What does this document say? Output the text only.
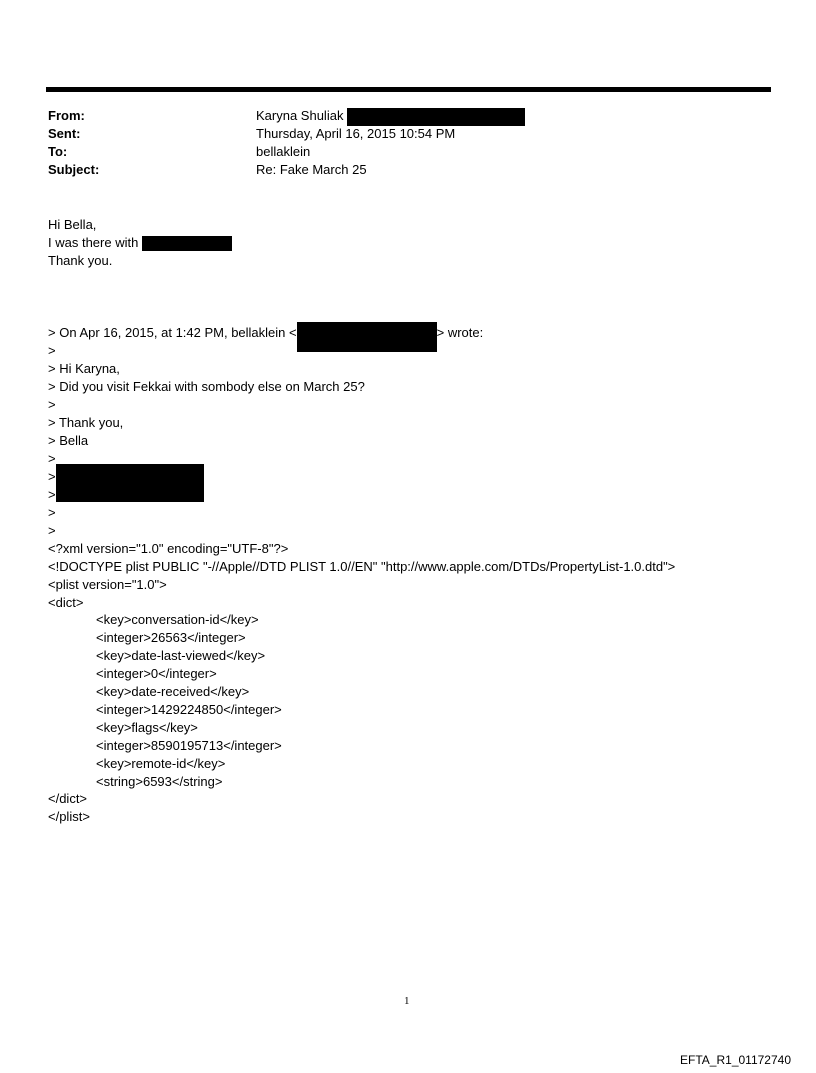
From:	Karyna Shuliak
Sent:	Thursday, April 16, 2015 10:54 PM
To:	bellaklein
Subject:	Re: Fake March 25
Hi Bella,
I was there with
Thank you.
> On Apr 16, 2015, at 1:42 PM, bellaklein <	> wrote:
>
> Hi Karyna,
> Did you visit Fekkai with sombody else on March 25?
>
> Thank you,
> Bella
>
>
>
>
>
<?xml version="1.0" encoding="UTF-8"?>
<!DOCTYPE plist PUBLIC "-//Apple//DTD PLIST 1.0//EN" "http://www.apple.com/DTDs/PropertyList-1.0.dtd">
<plist version="1.0">
<dict>
<key>conversation-id</key>
<integer>26563</integer>
<key>date-last-viewed</key>
<integer>0</integer>
<key>date-received</key>
<integer>1429224850</integer>
<key>flags</key>
<integer>8590195713</integer>
<key>remote-id</key>
<string>6593</string>
</dict>
</plist>
1
EFTA_R1_01172740
